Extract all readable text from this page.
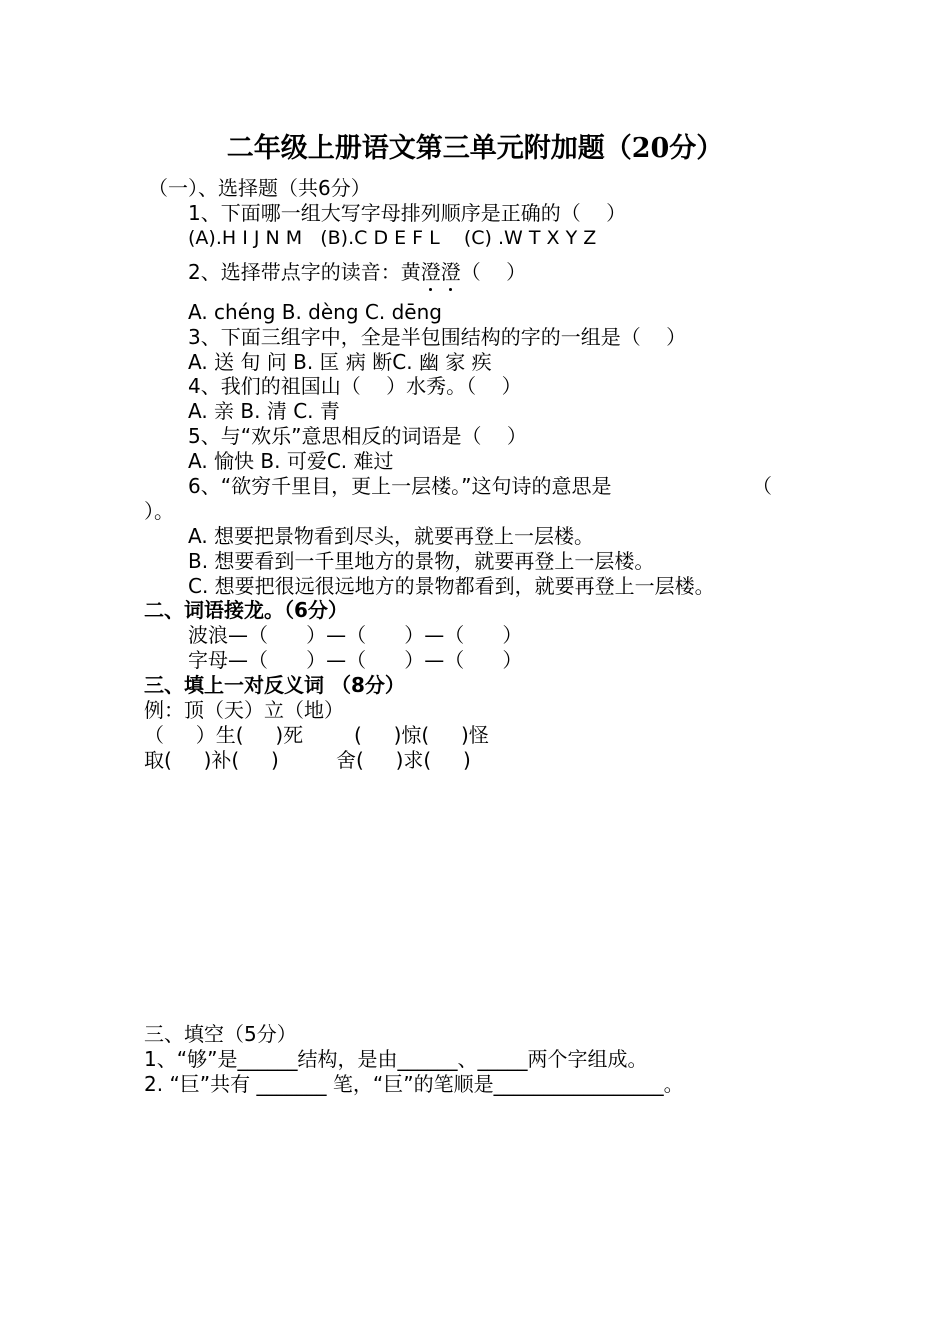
二年级上册语文第三单元附加题（20分）
（一）、选择题（共6分）
1、下面哪一组大写字母排列顺序是正确的（    ）
(A).H I J N M   (B).C D E F L    (C) .W T X Y Z
2、选择带点字的读音：黄澄澄（    ）
A. chéng B. dèng C. dēng
3、下面三组字中，全是半包围结构的字的一组是（    ）
A. 送 旬 问 B. 匡 病 断C. 幽 家 疾
4、我们的祖国山（    ）水秀。（    ）
A. 亲 B. 清 C. 青
5、与“欢乐”意思相反的词语是（    ）
A. 愉快 B. 可爱C. 难过
6、“欲穷千里目，更上一层楼。”这句诗的意思是	（
）。
A. 想要把景物看到尽头，就要再登上一层楼。
B. 想要看到一千里地方的景物，就要再登上一层楼。
C. 想要把很远很远地方的景物都看到，就要再登上一层楼。
二、词语接龙。（6分）
波浪—（      ）—（      ）—（      ）
字母—（      ）—（      ）—（      ）
三、填上一对反义词 （8分）
例：顶（天）立（地）
（     ）生(     )死        (     )惊(     )怪
取(     )补(     )         舍(     )求(     )
三、填空（5分）
1、“够”是______结构，是由______、_____两个字组成。
2. “巨”共有 _______ 笔，“巨”的笔顺是_________________。
